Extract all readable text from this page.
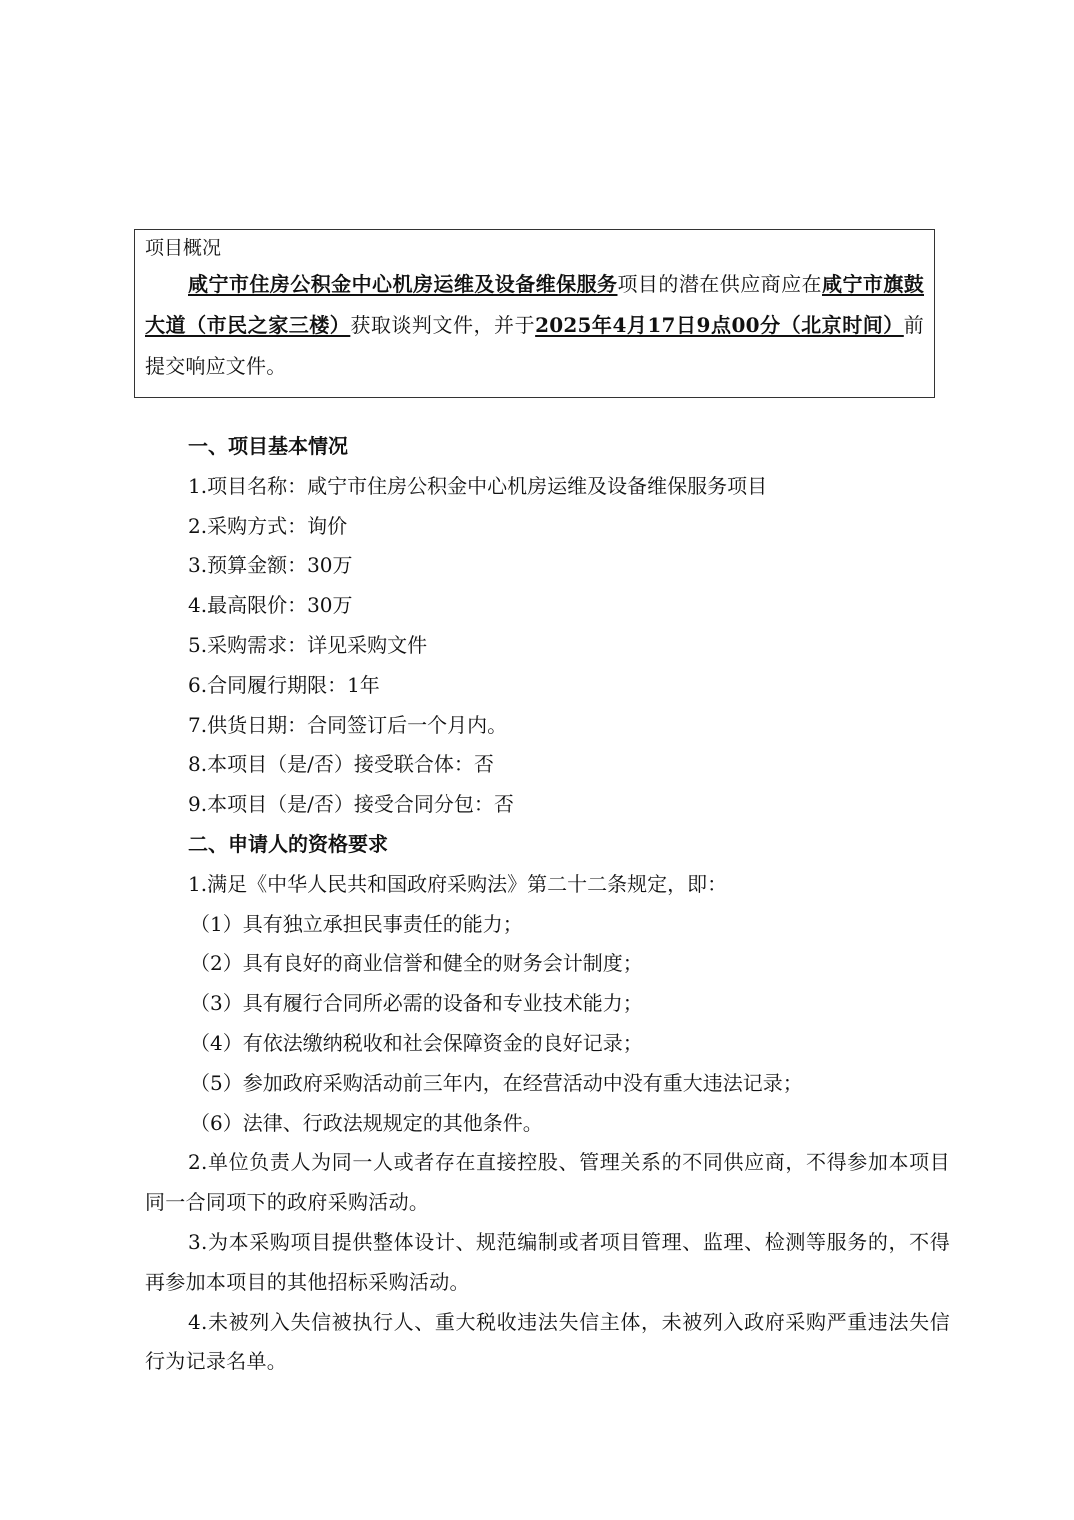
项目概况

咸宁市住房公积金中心机房运维及设备维保服务项目的潜在供应商应在咸宁市旗鼓大道（市民之家三楼）获取谈判文件，并于2025年4月17日9点00分（北京时间）前提交响应文件。

一、项目基本情况

1.项目名称：咸宁市住房公积金中心机房运维及设备维保服务项目

2.采购方式：询价

3.预算金额：30万

4.最高限价：30万

5.采购需求：详见采购文件

6.合同履行期限：1年

7.供货日期：合同签订后一个月内。

8.本项目（是/否）接受联合体：否

9.本项目（是/否）接受合同分包：否

二、申请人的资格要求

1.满足《中华人民共和国政府采购法》第二十二条规定，即：

（1）具有独立承担民事责任的能力；

（2）具有良好的商业信誉和健全的财务会计制度；

（3）具有履行合同所必需的设备和专业技术能力；

（4）有依法缴纳税收和社会保障资金的良好记录；

（5）参加政府采购活动前三年内，在经营活动中没有重大违法记录；

（6）法律、行政法规规定的其他条件。

2.单位负责人为同一人或者存在直接控股、管理关系的不同供应商，不得参加本项目同一合同项下的政府采购活动。

3.为本采购项目提供整体设计、规范编制或者项目管理、监理、检测等服务的，不得再参加本项目的其他招标采购活动。

4.未被列入失信被执行人、重大税收违法失信主体，未被列入政府采购严重违法失信行为记录名单。
